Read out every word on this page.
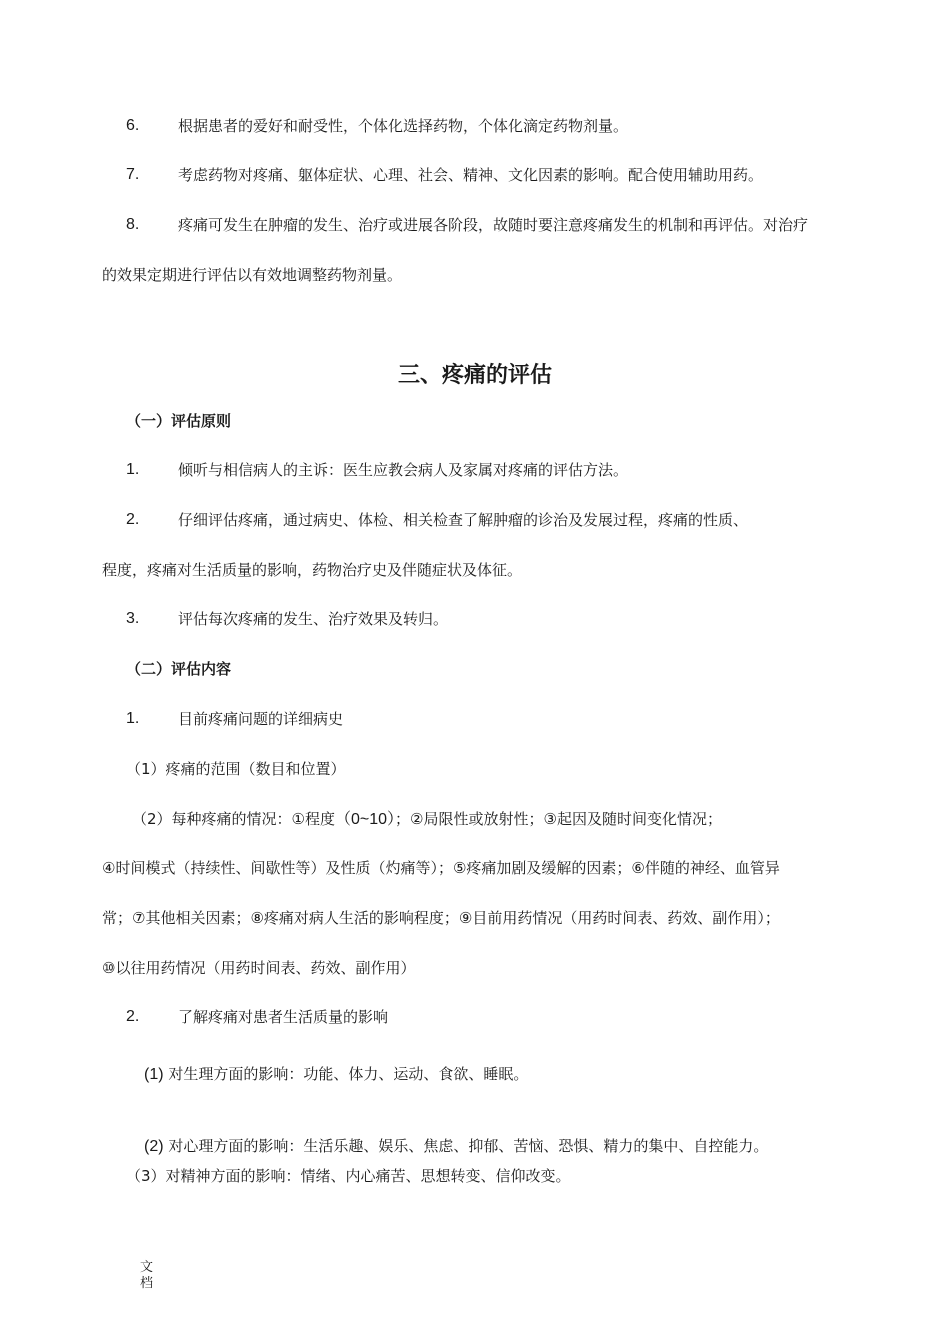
6.	根据患者的爱好和耐受性，个体化选择药物，个体化滴定药物剂量。
7.	考虑药物对疼痛、躯体症状、心理、社会、精神、文化因素的影响。配合使用辅助用药。
8.	疼痛可发生在肿瘤的发生、治疗或进展各阶段，故随时要注意疼痛发生的机制和再评估。对治疗
的效果定期进行评估以有效地调整药物剂量。
三、疼痛的评估
（一）评估原则
1.	倾听与相信病人的主诉：医生应教会病人及家属对疼痛的评估方法。
2.	仔细评估疼痛，通过病史、体检、相关检查了解肿瘤的诊治及发展过程，疼痛的性质、
程度，疼痛对生活质量的影响，药物治疗史及伴随症状及体征。
3.	评估每次疼痛的发生、治疗效果及转归。
（二）评估内容
1.	目前疼痛问题的详细病史
（1）疼痛的范围（数目和位置）
（2）每种疼痛的情况：①程度（0~10）；②局限性或放射性；③起因及随时间变化情况；
④时间模式（持续性、间歇性等）及性质（灼痛等）；⑤疼痛加剧及缓解的因素；⑥伴随的神经、血管异
常；⑦其他相关因素；⑧疼痛对病人生活的影响程度；⑨目前用药情况（用药时间表、药效、副作用）；
⑩以往用药情况（用药时间表、药效、副作用）
2.	了解疼痛对患者生活质量的影响
(1) 对生理方面的影响：功能、体力、运动、食欲、睡眠。
(2) 对心理方面的影响：生活乐趣、娱乐、焦虑、抑郁、苦恼、恐惧、精力的集中、自控能力。
（3）对精神方面的影响：情绪、内心痛苦、思想转变、信仰改变。
文档
